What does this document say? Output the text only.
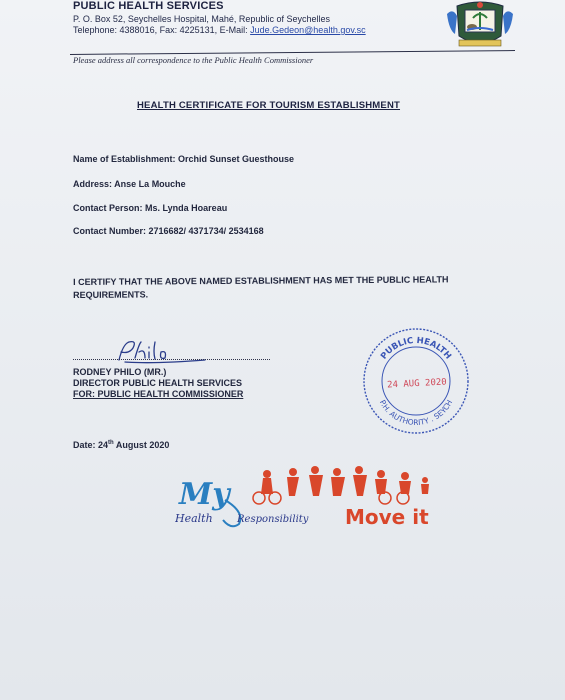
PUBLIC HEALTH SERVICES
P. O. Box 52, Seychelles Hospital, Mahé, Republic of Seychelles
Telephone: 4388016, Fax: 4225131, E-Mail: Jude.Gedeon@health.gov.sc
Please address all correspondence to the Public Health Commissioner
HEALTH CERTIFICATE FOR TOURISM ESTABLISHMENT
Name of Establishment: Orchid Sunset Guesthouse
Address: Anse La Mouche
Contact Person: Ms. Lynda Hoareau
Contact Number: 2716682/ 4371734/ 2534168
I CERTIFY THAT THE ABOVE NAMED ESTABLISHMENT HAS MET THE PUBLIC HEALTH
REQUIREMENTS.
RODNEY PHILO (MR.)
DIRECTOR PUBLIC HEALTH SERVICES
FOR: PUBLIC HEALTH COMMISSIONER
PUBLIC HEALTH
P.H. AUTHORITY . SEYCH
24 AUG 2020
Date: 24th August 2020
My
Health Responsibility Move it
